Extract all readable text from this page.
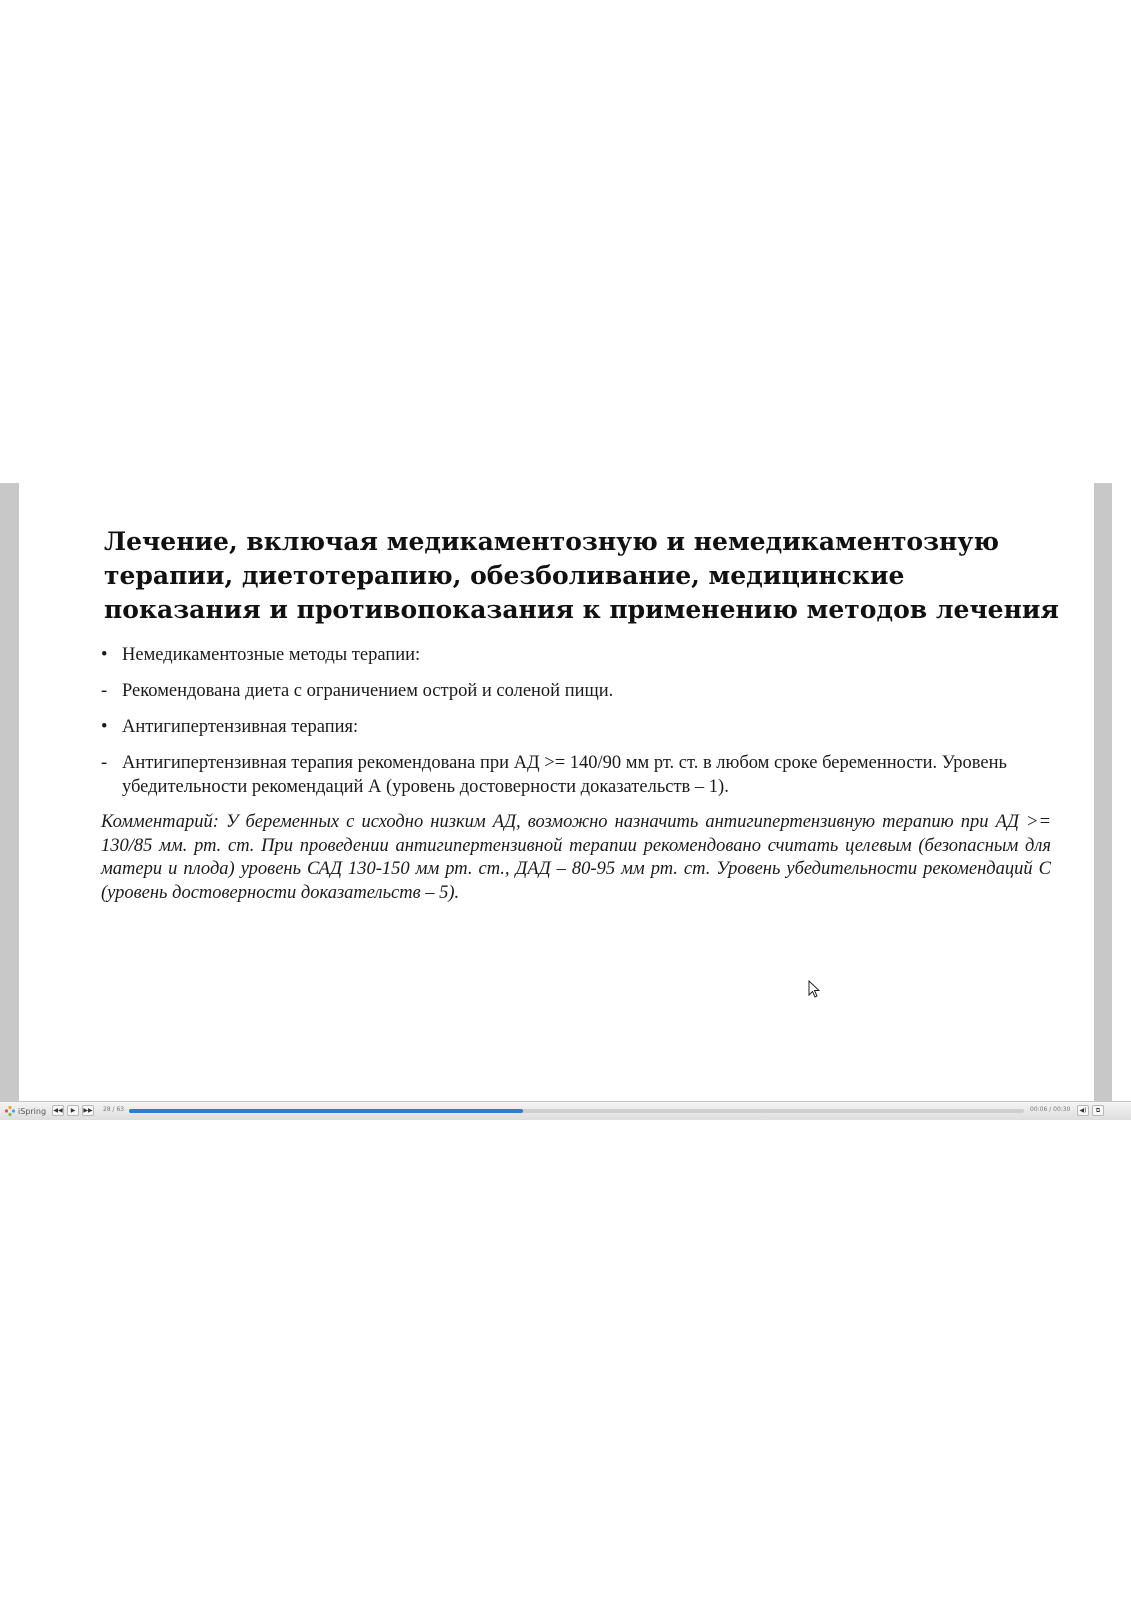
Лечение, включая медикаментозную и немедикаментозную терапии, диетотерапию, обезболивание, медицинские показания и противопоказания к применению методов лечения
• Немедикаментозные методы терапии:
- Рекомендована диета с ограничением острой и соленой пищи.
• Антигипертензивная терапия:
- Антигипертензивная терапия рекомендована при АД >= 140/90 мм рт. ст. в любом сроке беременности. Уровень убедительности рекомендаций А (уровень достоверности доказательств – 1).
Комментарий: У беременных с исходно низким АД, возможно назначить антигипертензивную терапию при АД >= 130/85 мм. рт. ст. При проведении антигипертензивной терапии рекомендовано считать целевым (безопасным для матери и плода) уровень САД 130-150 мм рт. ст., ДАД – 80-95 мм рт. ст. Уровень убедительности рекомендаций С (уровень достоверности доказательств – 5).
iSpring ◀◀	▶	▶▶ 28 / 63	00:06 / 00:30	◀)	⧉
